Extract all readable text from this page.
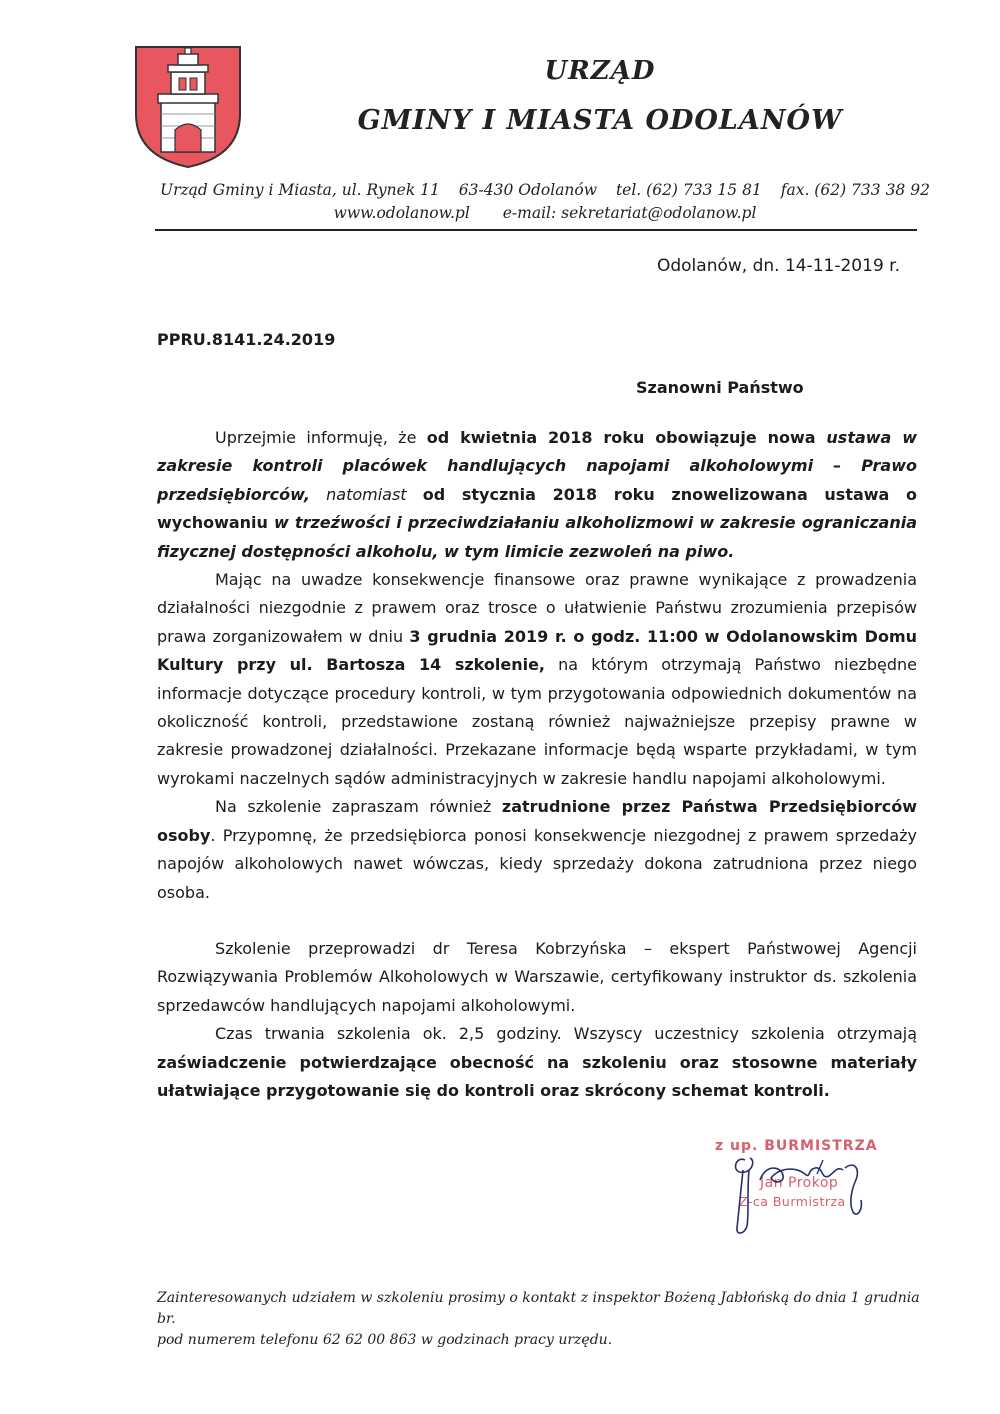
URZĄD
GMINY I MIASTA ODOLANÓW
Urząd Gminy i Miasta, ul. Rynek 11 63-430 Odolanów tel. (62) 733 15 81 fax. (62) 733 38 92
www.odolanow.pl e-mail: sekretariat@odolanow.pl
Odolanów, dn. 14-11-2019 r.
PPRU.8141.24.2019
Szanowni Państwo

Uprzejmie informuję, że od kwietnia 2018 roku obowiązuje nowa ustawa w zakresie kontroli placówek handlujących napojami alkoholowymi – Prawo przedsiębiorców, natomiast od stycznia 2018 roku znowelizowana ustawa o wychowaniu w trzeźwości i przeciwdziałaniu alkoholizmowi w zakresie ograniczania fizycznej dostępności alkoholu, w tym limicie zezwoleń na piwo.

Mając na uwadze konsekwencje finansowe oraz prawne wynikające z prowadzenia działalności niezgodnie z prawem oraz trosce o ułatwienie Państwu zrozumienia przepisów prawa zorganizowałem w dniu 3 grudnia 2019 r. o godz. 11:00 w Odolanowskim Domu Kultury przy ul. Bartosza 14 szkolenie, na którym otrzymają Państwo niezbędne informacje dotyczące procedury kontroli, w tym przygotowania odpowiednich dokumentów na okoliczność kontroli, przedstawione zostaną również najważniejsze przepisy prawne w zakresie prowadzonej działalności. Przekazane informacje będą wsparte przykładami, w tym wyrokami naczelnych sądów administracyjnych w zakresie handlu napojami alkoholowymi.

Na szkolenie zapraszam również zatrudnione przez Państwa Przedsiębiorców osoby. Przypomnę, że przedsiębiorca ponosi konsekwencje niezgodnej z prawem sprzedaży napojów alkoholowych nawet wówczas, kiedy sprzedaży dokona zatrudniona przez niego osoba.

Szkolenie przeprowadzi dr Teresa Kobrzyńska – ekspert Państwowej Agencji Rozwiązywania Problemów Alkoholowych w Warszawie, certyfikowany instruktor ds. szkolenia sprzedawców handlujących napojami alkoholowymi.

Czas trwania szkolenia ok. 2,5 godziny. Wszyscy uczestnicy szkolenia otrzymają zaświadczenie potwierdzające obecność na szkoleniu oraz stosowne materiały ułatwiające przygotowanie się do kontroli oraz skrócony schemat kontroli.

z up. BURMISTRZA
Jan Prokop
Z-ca Burmistrza
Zainteresowanych udziałem w szkoleniu prosimy o kontakt z inspektor Bożeną Jabłońską do dnia 1 grudnia br.
pod numerem telefonu 62 62 00 863 w godzinach pracy urzędu.
